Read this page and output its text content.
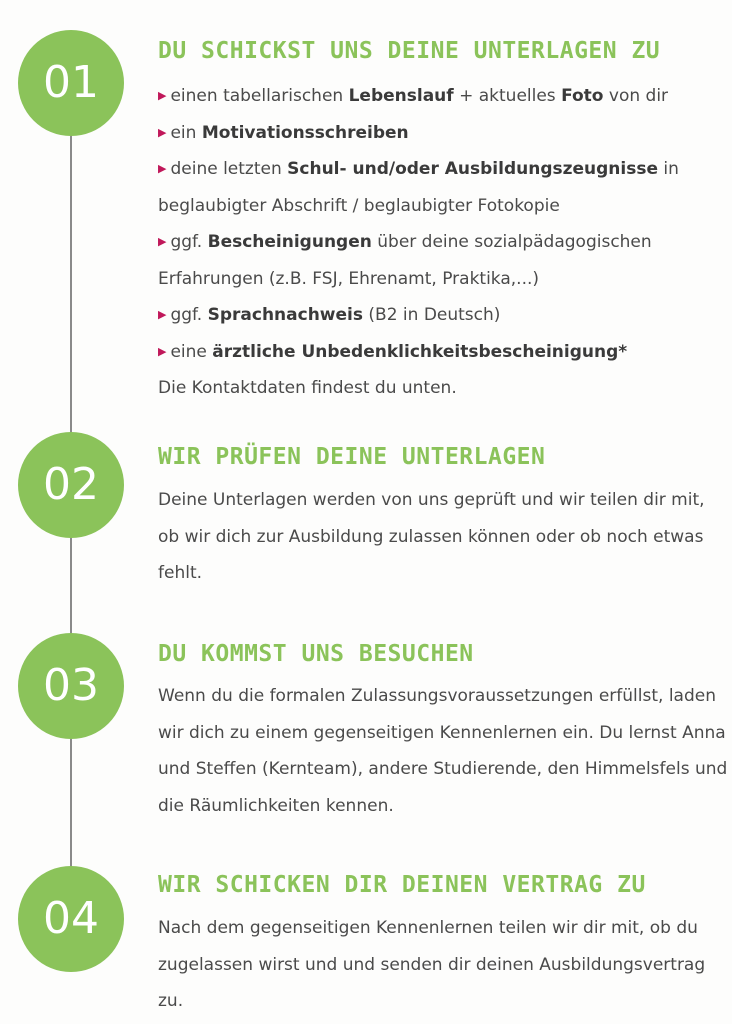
01
DU SCHICKST UNS DEINE UNTERLAGEN ZU

▶ einen tabellarischen Lebenslauf + aktuelles Foto von dir

▶ ein Motivationsschreiben

▶ deine letzten Schul- und/oder Ausbildungszeugnisse in beglaubigter Abschrift / beglaubigter Fotokopie

▶ ggf. Bescheinigungen über deine sozialpädagogischen Erfahrungen (z.B. FSJ, Ehrenamt, Praktika,...)

▶ ggf. Sprachnachweis (B2 in Deutsch)

▶ eine ärztliche Unbedenklichkeitsbescheinigung*

Die Kontaktdaten findest du unten.

02
WIR PRÜFEN DEINE UNTERLAGEN

Deine Unterlagen werden von uns geprüft und wir teilen dir mit, ob wir dich zur Ausbildung zulassen können oder ob noch etwas fehlt.

03
DU KOMMST UNS BESUCHEN

Wenn du die formalen Zulassungsvoraussetzungen erfüllst, laden wir dich zu einem gegenseitigen Kennenlernen ein. Du lernst Anna und Steffen (Kernteam), andere Studierende, den Himmelsfels und die Räumlichkeiten kennen.

04
WIR SCHICKEN DIR DEINEN VERTRAG ZU

Nach dem gegenseitigen Kennenlernen teilen wir dir mit, ob du zugelassen wirst und und senden dir deinen Ausbildungsvertrag zu.
